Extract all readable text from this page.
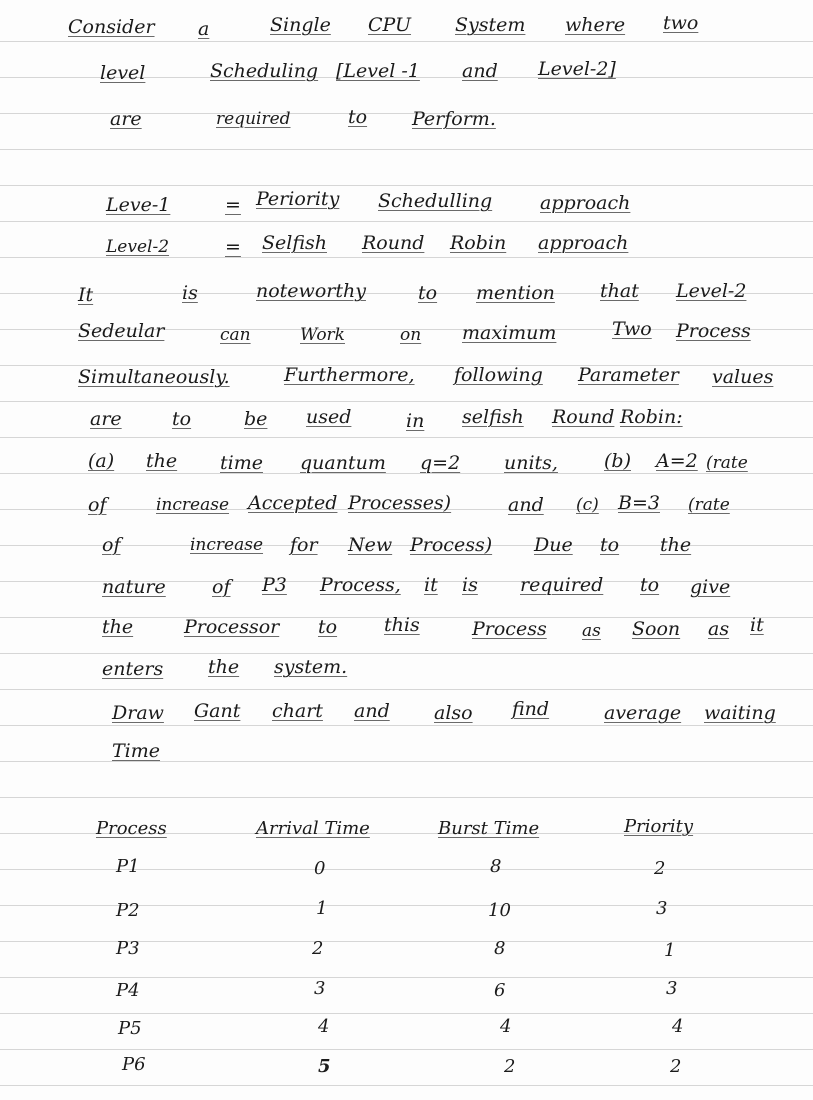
Consider a	Single CPU System where two
level	Scheduling [Level -1 and Level-2]
are	required	to Perform.
Leve-1	= Periority Schedulling	approach
Level-2	= Selfish Round Robin approach
It	is	noteworthy	to mention that Level-2
Sedeular	can	Work	on maximum	Two Process
Simultaneously.	Furthermore, following Parameter values
are	to	be used	in selfish Round Robin:
(a) the time quantum q=2 units, (b) A=2 (rate
of	increase Accepted Processes)	and (c) B=3 (rate
of	increase for New Process) Due to the
nature of P3 Process, it is required to give
the	Processor to this	Process as Soon as it
enters the system.
Draw Gant chart and also find	average waiting
Time
Process	Arrival Time	Burst Time	Priority
P1	0	8	2
P2	1	10	3
P3	2	8	1
P4	3	6	3
P5	4	4	4
P6	5	2	2
